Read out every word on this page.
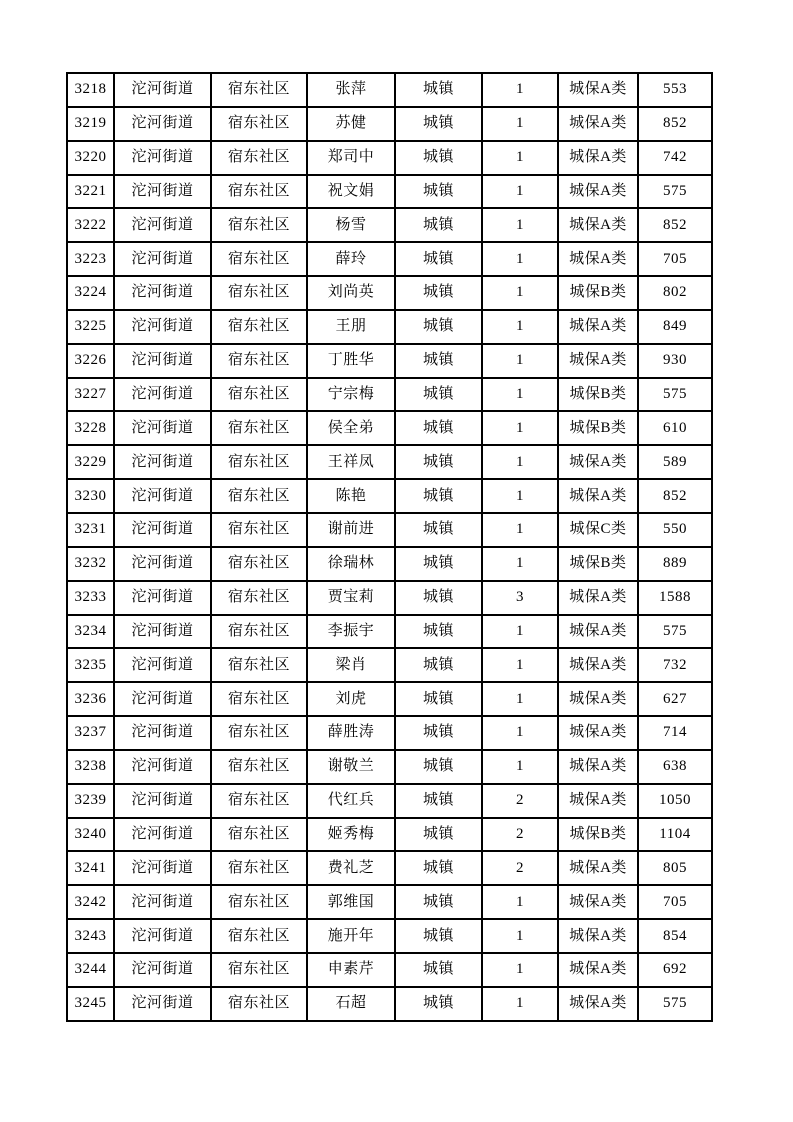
3218	沱河街道	宿东社区	张萍	城镇	1	城保A类	553
3219	沱河街道	宿东社区	苏健	城镇	1	城保A类	852
3220	沱河街道	宿东社区	郑司中	城镇	1	城保A类	742
3221	沱河街道	宿东社区	祝文娟	城镇	1	城保A类	575
3222	沱河街道	宿东社区	杨雪	城镇	1	城保A类	852
3223	沱河街道	宿东社区	薛玲	城镇	1	城保A类	705
3224	沱河街道	宿东社区	刘尚英	城镇	1	城保B类	802
3225	沱河街道	宿东社区	王朋	城镇	1	城保A类	849
3226	沱河街道	宿东社区	丁胜华	城镇	1	城保A类	930
3227	沱河街道	宿东社区	宁宗梅	城镇	1	城保B类	575
3228	沱河街道	宿东社区	侯全弟	城镇	1	城保B类	610
3229	沱河街道	宿东社区	王祥凤	城镇	1	城保A类	589
3230	沱河街道	宿东社区	陈艳	城镇	1	城保A类	852
3231	沱河街道	宿东社区	谢前进	城镇	1	城保C类	550
3232	沱河街道	宿东社区	徐瑞林	城镇	1	城保B类	889
3233	沱河街道	宿东社区	贾宝莉	城镇	3	城保A类	1588
3234	沱河街道	宿东社区	李振宇	城镇	1	城保A类	575
3235	沱河街道	宿东社区	梁肖	城镇	1	城保A类	732
3236	沱河街道	宿东社区	刘虎	城镇	1	城保A类	627
3237	沱河街道	宿东社区	薛胜涛	城镇	1	城保A类	714
3238	沱河街道	宿东社区	谢敬兰	城镇	1	城保A类	638
3239	沱河街道	宿东社区	代红兵	城镇	2	城保A类	1050
3240	沱河街道	宿东社区	姬秀梅	城镇	2	城保B类	1104
3241	沱河街道	宿东社区	费礼芝	城镇	2	城保A类	805
3242	沱河街道	宿东社区	郭维国	城镇	1	城保A类	705
3243	沱河街道	宿东社区	施开年	城镇	1	城保A类	854
3244	沱河街道	宿东社区	申素芹	城镇	1	城保A类	692
3245	沱河街道	宿东社区	石超	城镇	1	城保A类	575
